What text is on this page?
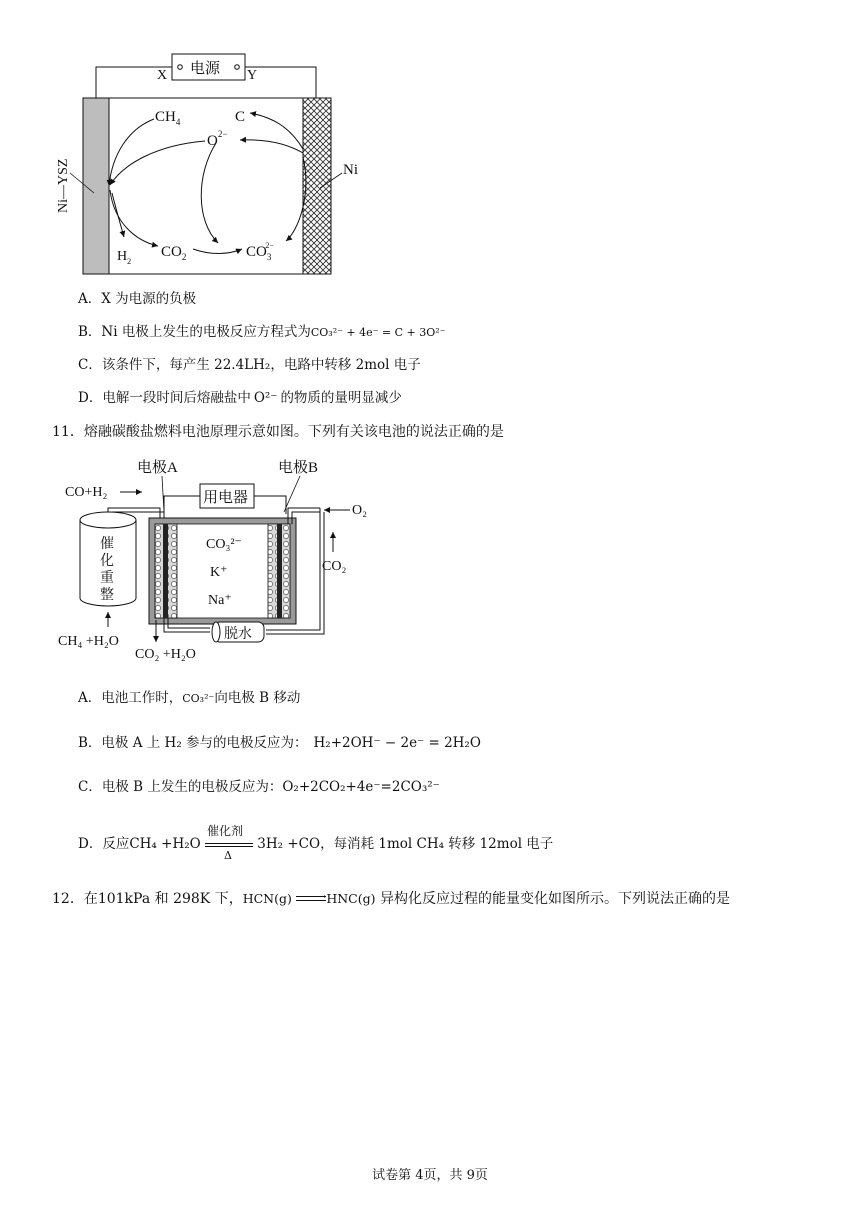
电源
X	Y
Ni—YSZ	Ni
$CH_4$	C
$O^{2-}$
$H_2$
$CO_2$	$CO_32-$
A．X 为电源的负极
B．Ni 电极上发生的电极反应方程式为CO₃²⁻ + 4e⁻ = C + 3O²⁻
C．该条件下，每产生 22.4LH₂，电路中转移 2mol 电子
D．电解一段时间后熔融盐中 O²⁻ 的物质的量明显减少
11．熔融碳酸盐燃料电池原理示意如图。下列有关该电池的说法正确的是
电极A	电极B
用电器
CO+H₂
催
化
重
整
CH₄ +H₂O
CO₃²⁻
K⁺
Na⁺
O₂
CO₂
脱水
CO₂ +H₂O
A．电池工作时，CO₃²⁻向电极 B 移动
B．电极 A 上 H₂ 参与的电极反应为： H₂+2OH⁻ − 2e⁻ = 2H₂O
C．电极 B 上发生的电极反应为：O₂+2CO₂+4e⁻=2CO₃²⁻
D．反应CH₄ +H₂O
催化剂
Δ
3H₂ +CO，每消耗 1mol CH₄ 转移 12mol 电子
12．在101kPa 和 298K 下，HCN(g)	› HNC(g) 异构化反应过程的能量变化如图所示。下列说法正确的是
试卷第 4页，共 9页
